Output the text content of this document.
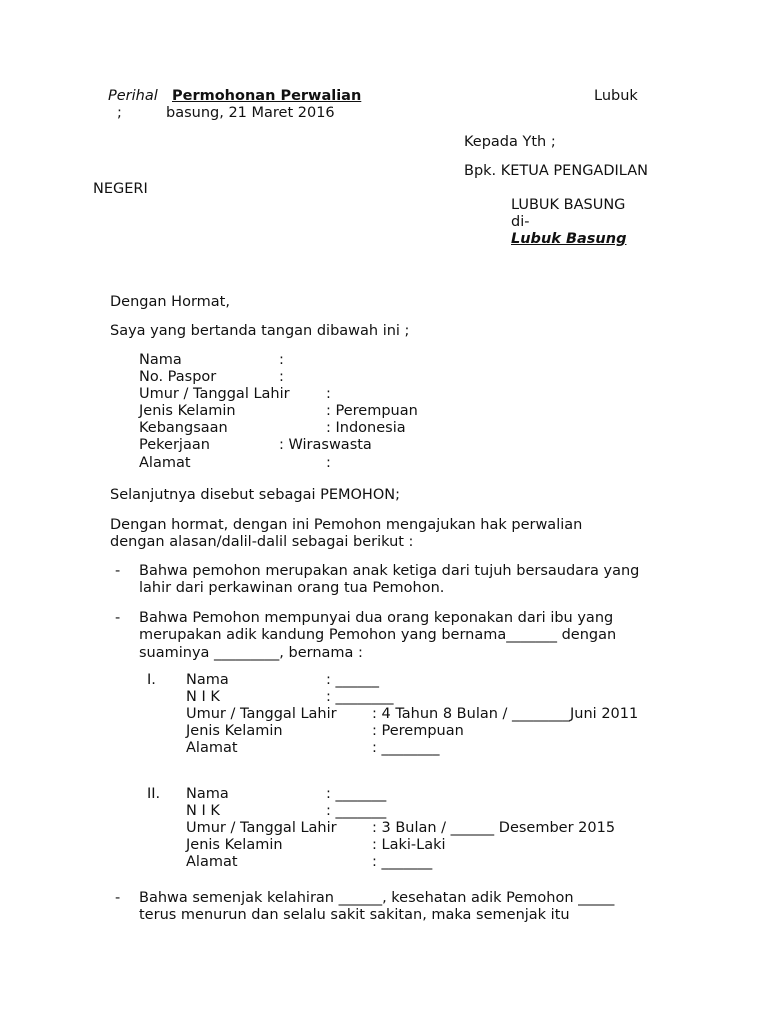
Perihal Permohonan Perwalian	Lubuk
;	basung, 21 Maret 2016
Kepada Yth ;
Bpk. KETUA PENGADILAN
NEGERI
LUBUK BASUNG
di-
Lubuk Basung
Dengan Hormat,
Saya yang bertanda tangan dibawah ini ;
Nama	:
No. Paspor	:
Umur / Tanggal Lahir	:
Jenis Kelamin	: Perempuan
Kebangsaan	: Indonesia
Pekerjaan	: Wiraswasta
Alamat	:
Selanjutnya disebut sebagai PEMOHON;
Dengan hormat, dengan ini Pemohon mengajukan hak perwalian
dengan alasan/dalil-dalil sebagai berikut :
- Bahwa pemohon merupakan anak ketiga dari tujuh bersaudara yang
lahir dari perkawinan orang tua Pemohon.
- Bahwa Pemohon mempunyai dua orang keponakan dari ibu yang
merupakan adik kandung Pemohon yang bernama_______ dengan
suaminya _________, bernama :
I. Nama	: ______
N I K	: ________
Umur / Tanggal Lahir : 4 Tahun 8 Bulan / ________Juni 2011
Jenis Kelamin	: Perempuan
Alamat	: ________
II. Nama	: _______
N I K	: _______
Umur / Tanggal Lahir : 3 Bulan / ______ Desember 2015
Jenis Kelamin	: Laki-Laki
Alamat	: _______
- Bahwa semenjak kelahiran ______, kesehatan adik Pemohon _____
terus menurun dan selalu sakit sakitan, maka semenjak itu
